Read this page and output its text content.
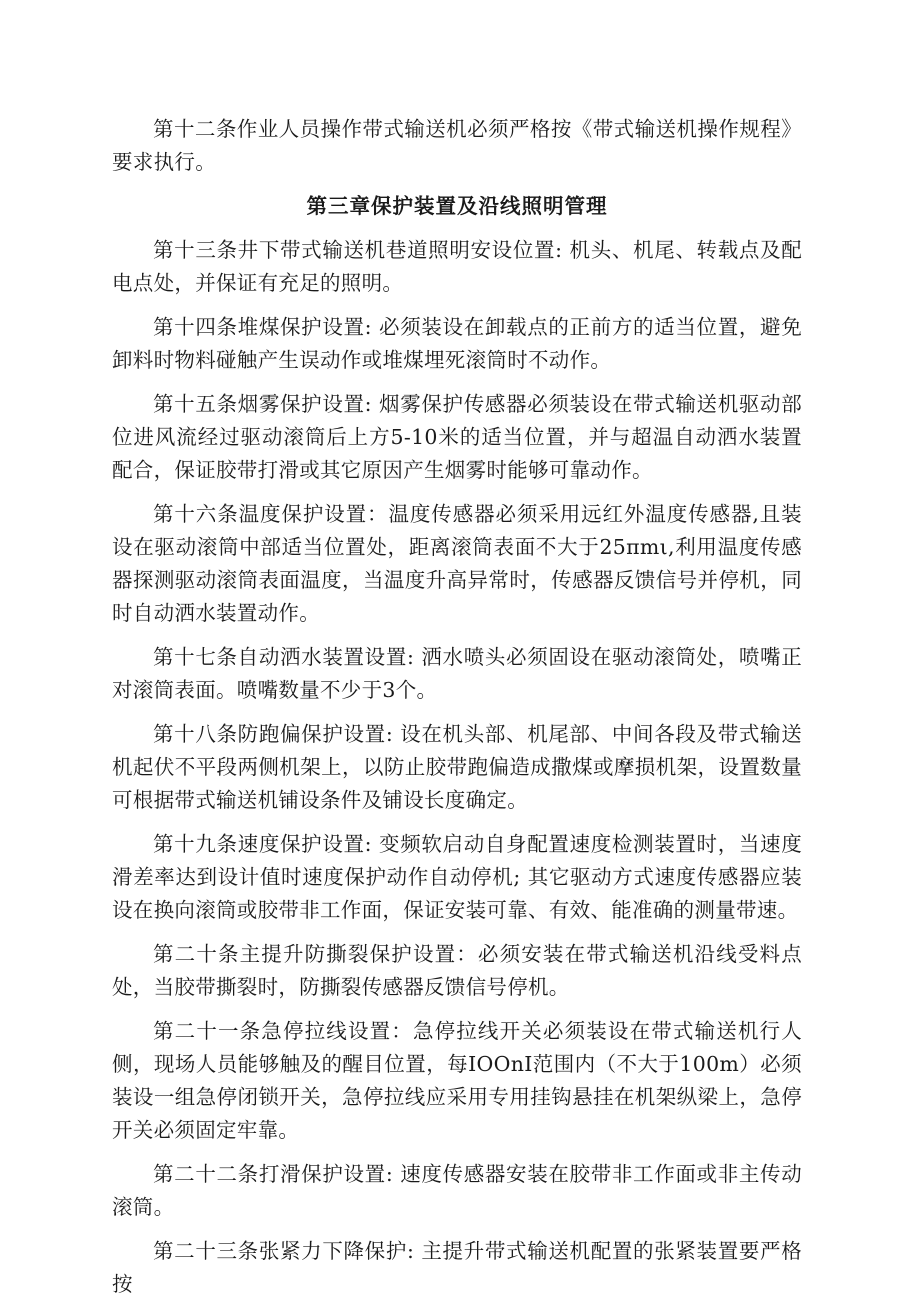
第十二条作业人员操作带式输送机必须严格按《带式输送机操作规程》要求执行。

第三章保护装置及沿线照明管理

第十三条井下带式输送机巷道照明安设位置: 机头、机尾、转载点及配电点处，并保证有充足的照明。

第十四条堆煤保护设置: 必须装设在卸载点的正前方的适当位置，避免卸料时物料碰触产生误动作或堆煤埋死滚筒时不动作。

第十五条烟雾保护设置: 烟雾保护传感器必须装设在带式输送机驱动部位进风流经过驱动滚筒后上方5-10米的适当位置，并与超温自动洒水装置配合，保证胶带打滑或其它原因产生烟雾时能够可靠动作。

第十六条温度保护设置：温度传感器必须采用远红外温度传感器,且装设在驱动滚筒中部适当位置处，距离滚筒表面不大于25πmι,利用温度传感器探测驱动滚筒表面温度，当温度升高异常时，传感器反馈信号并停机，同时自动洒水装置动作。

第十七条自动洒水装置设置: 洒水喷头必须固设在驱动滚筒处，喷嘴正对滚筒表面。喷嘴数量不少于3个。

第十八条防跑偏保护设置: 设在机头部、机尾部、中间各段及带式输送机起伏不平段两侧机架上，以防止胶带跑偏造成撒煤或摩损机架，设置数量可根据带式输送机铺设条件及铺设长度确定。

第十九条速度保护设置: 变频软启动自身配置速度检测装置时，当速度滑差率达到设计值时速度保护动作自动停机; 其它驱动方式速度传感器应装设在换向滚筒或胶带非工作面，保证安装可靠、有效、能准确的测量带速。

第二十条主提升防撕裂保护设置：必须安装在带式输送机沿线受料点处，当胶带撕裂时，防撕裂传感器反馈信号停机。

第二十一条急停拉线设置：急停拉线开关必须装设在带式输送机行人侧，现场人员能够触及的醒目位置，每IOOnI范围内（不大于100m）必须装设一组急停闭锁开关，急停拉线应采用专用挂钩悬挂在机架纵梁上，急停开关必须固定牢靠。

第二十二条打滑保护设置: 速度传感器安装在胶带非工作面或非主传动滚筒。

第二十三条张紧力下降保护: 主提升带式输送机配置的张紧装置要严格按
